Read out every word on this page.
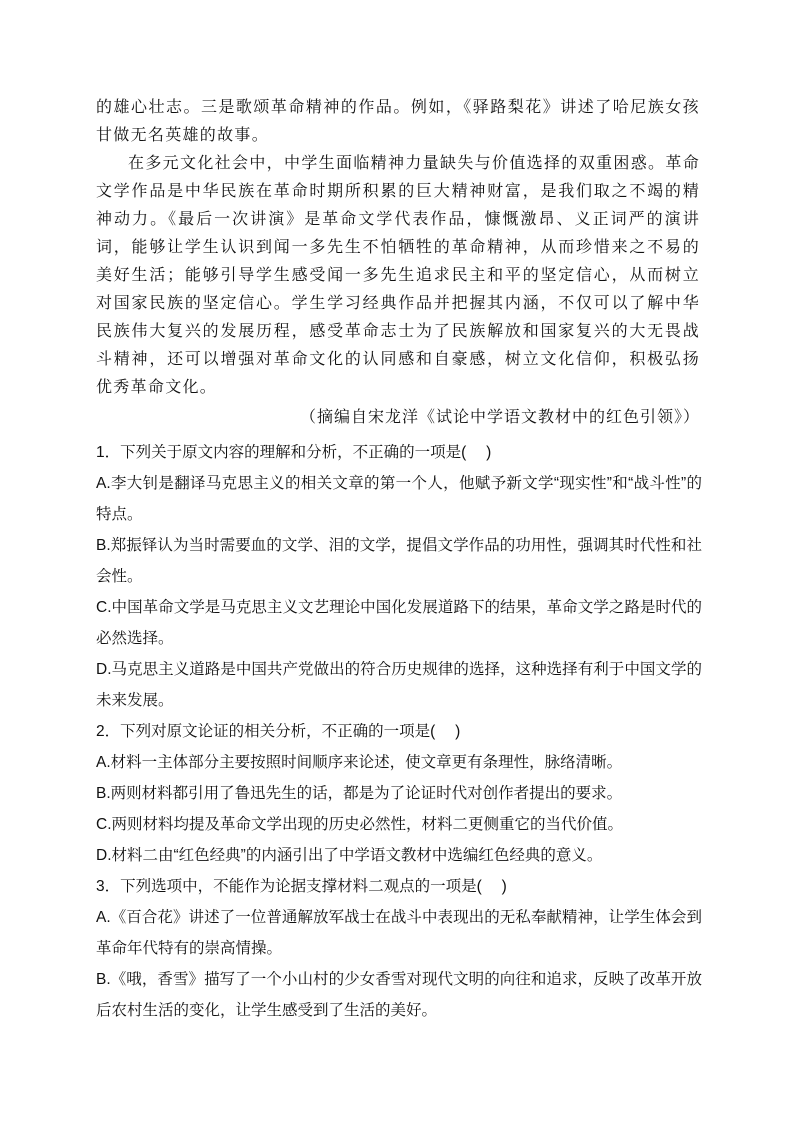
的雄心壮志。三是歌颂革命精神的作品。例如，《驿路梨花》讲述了哈尼族女孩甘做无名英雄的故事。

在多元文化社会中，中学生面临精神力量缺失与价值选择的双重困惑。革命文学作品是中华民族在革命时期所积累的巨大精神财富，是我们取之不竭的精神动力。《最后一次讲演》是革命文学代表作品，慷慨激昂、义正词严的演讲词，能够让学生认识到闻一多先生不怕牺牲的革命精神，从而珍惜来之不易的美好生活；能够引导学生感受闻一多先生追求民主和平的坚定信心，从而树立对国家民族的坚定信心。学生学习经典作品并把握其内涵，不仅可以了解中华民族伟大复兴的发展历程，感受革命志士为了民族解放和国家复兴的大无畏战斗精神，还可以增强对革命文化的认同感和自豪感，树立文化信仰，积极弘扬优秀革命文化。

（摘编自宋龙洋《试论中学语文教材中的红色引领》）

1．下列关于原文内容的理解和分析，不正确的一项是(　 )

A.李大钊是翻译马克思主义的相关文章的第一个人，他赋予新文学“现实性”和“战斗性”的特点。

B.郑振铎认为当时需要血的文学、泪的文学，提倡文学作品的功用性，强调其时代性和社会性。

C.中国革命文学是马克思主义文艺理论中国化发展道路下的结果，革命文学之路是时代的必然选择。

D.马克思主义道路是中国共产党做出的符合历史规律的选择，这种选择有利于中国文学的未来发展。

2．下列对原文论证的相关分析，不正确的一项是(　 )

A.材料一主体部分主要按照时间顺序来论述，使文章更有条理性，脉络清晰。

B.两则材料都引用了鲁迅先生的话，都是为了论证时代对创作者提出的要求。

C.两则材料均提及革命文学出现的历史必然性，材料二更侧重它的当代价值。

D.材料二由“红色经典”的内涵引出了中学语文教材中选编红色经典的意义。

3．下列选项中，不能作为论据支撑材料二观点的一项是(　 )

A.《百合花》讲述了一位普通解放军战士在战斗中表现出的无私奉献精神，让学生体会到革命年代特有的崇高情操。

B.《哦，香雪》描写了一个小山村的少女香雪对现代文明的向往和追求，反映了改革开放后农村生活的变化，让学生感受到了生活的美好。
